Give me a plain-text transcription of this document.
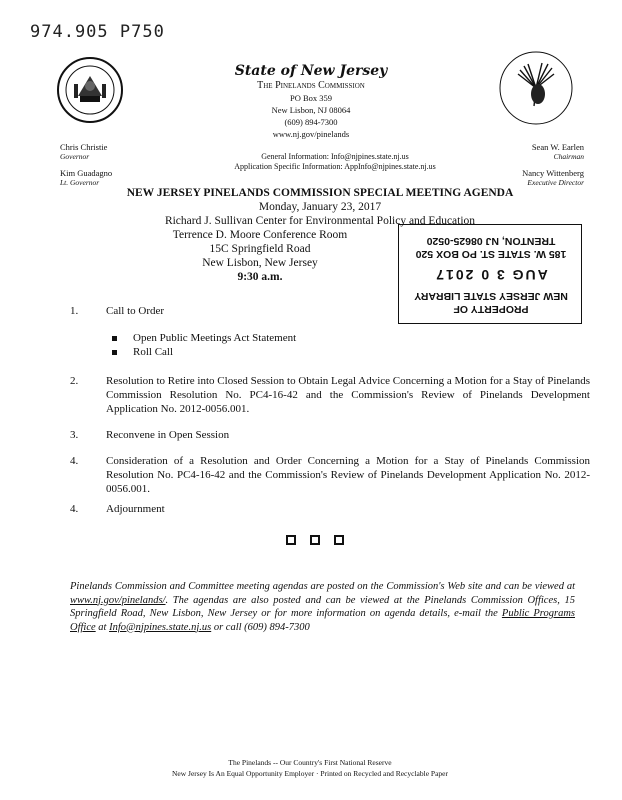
974.905 P750
State of New Jersey
The Pinelands Commission
PO Box 359
New Lisbon, NJ 08064
(609) 894-7300
www.nj.gov/pinelands
Chris Christie
Governor
Kim Guadagno
Lt. Governor
Sean W. Earlen
Chairman
Nancy Wittenberg
Executive Director
General Information: Info@njpines.state.nj.us
Application Specific Information: AppInfo@njpines.state.nj.us
NEW JERSEY PINELANDS COMMISSION SPECIAL MEETING AGENDA
Monday, January 23, 2017
Richard J. Sullivan Center for Environmental Policy and Education
Terrence D. Moore Conference Room
15C Springfield Road
New Lisbon, New Jersey
9:30 a.m.
PROPERTY OF
NEW JERSEY STATE LIBRARY
AUG 3 0 2017
185 W. STATE ST. PO BOX 520
TRENTON, NJ 08625-0520
1.	Call to Order
Open Public Meetings Act Statement
Roll Call
2.	Resolution to Retire into Closed Session to Obtain Legal Advice Concerning a Motion for a Stay of Pinelands Commission Resolution No. PC4-16-42 and the Commission's Review of Pinelands Development Application No. 2012-0056.001.
3.	Reconvene in Open Session
4.	Consideration of a Resolution and Order Concerning a Motion for a Stay of Pinelands Commission Resolution No. PC4-16-42 and the Commission's Review of Pinelands Development Application No. 2012-0056.001.
4.	Adjournment
Pinelands Commission and Committee meeting agendas are posted on the Commission's Web site and can be viewed at www.nj.gov/pinelands/. The agendas are also posted and can be viewed at the Pinelands Commission Offices, 15 Springfield Road, New Lisbon, New Jersey or for more information on agenda details, e-mail the Public Programs Office at Info@njpines.state.nj.us or call (609) 894-7300
The Pinelands -- Our Country's First National Reserve
New Jersey Is An Equal Opportunity Employer · Printed on Recycled and Recyclable Paper
